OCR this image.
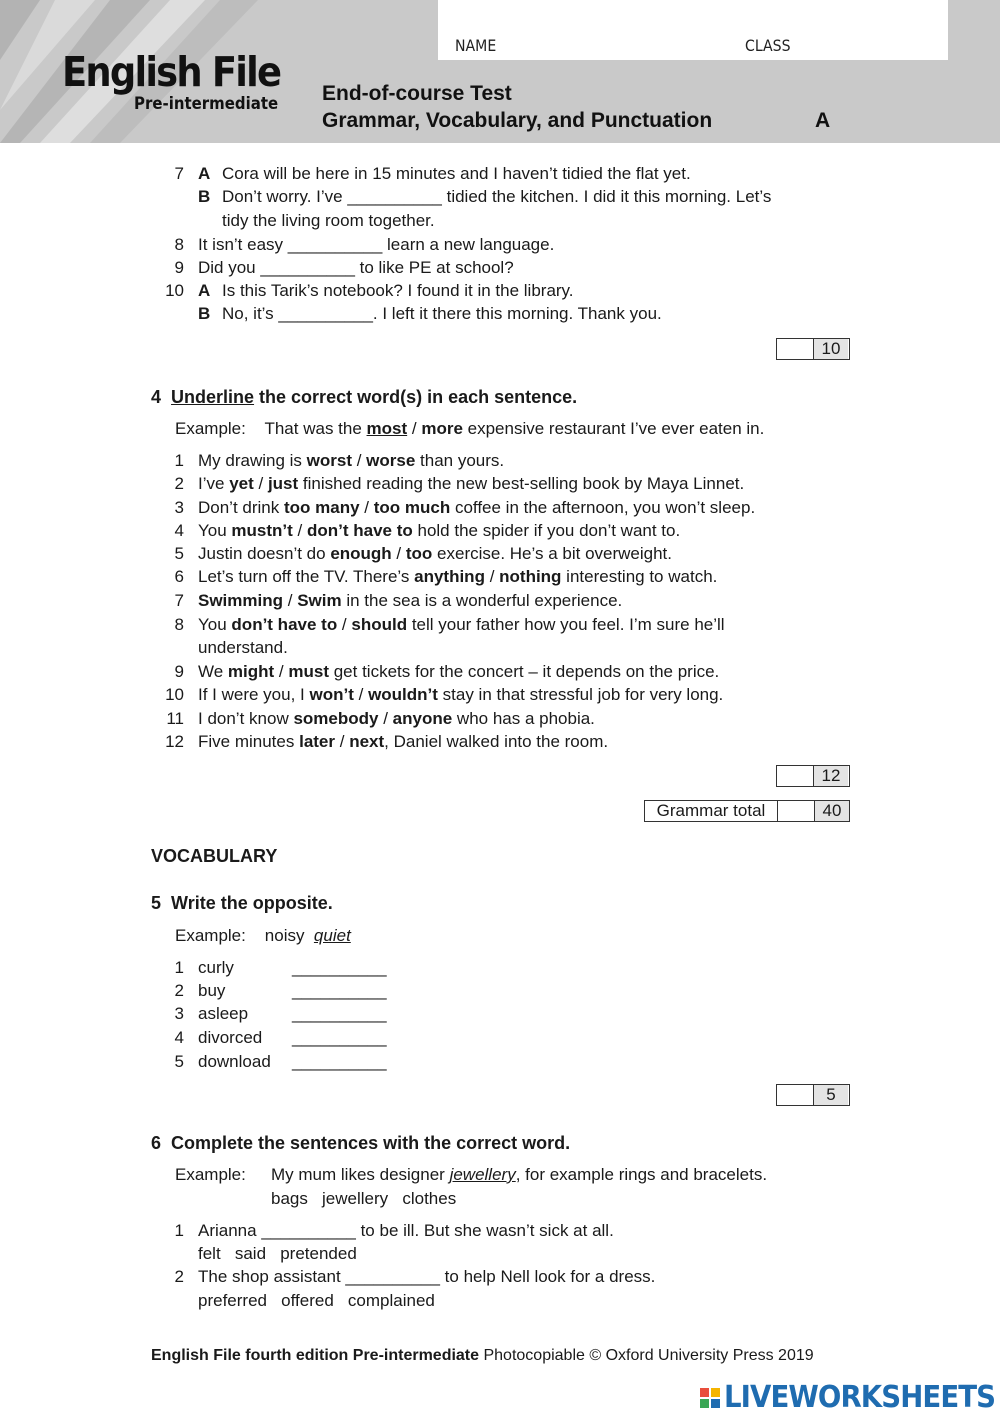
NAME	CLASS
English File
Pre-intermediate End-of-course Test
Grammar, Vocabulary, and Punctuation	A
7 A Cora will be here in 15 minutes and I haven’t tidied the flat yet.
B Don’t worry. I’ve __________ tidied the kitchen. I did it this morning. Let’s
tidy the living room together.
8 It isn’t easy __________ learn a new language.
9 Did you __________ to like PE at school?
10 A Is this Tarik’s notebook? I found it in the library.
B No, it’s __________. I left it there this morning. Thank you.
10
4 Underline the correct word(s) in each sentence.
Example: That was the most / more expensive restaurant I’ve ever eaten in.
1 My drawing is worst / worse than yours.
2 I’ve yet / just finished reading the new best-selling book by Maya Linnet.
3 Don’t drink too many / too much coffee in the afternoon, you won’t sleep.
4 You mustn’t / don’t have to hold the spider if you don’t want to.
5 Justin doesn’t do enough / too exercise. He’s a bit overweight.
6 Let’s turn off the TV. There’s anything / nothing interesting to watch.
7 Swimming / Swim in the sea is a wonderful experience.
8 You don’t have to / should tell your father how you feel. I’m sure he’ll
9 We might / must get tickets for the concert – it depends on the price.
10 If I were you, I won’t / wouldn’t stay in that stressful job for very long.
11 I don’t know somebody / anyone who has a phobia.
12 Five minutes later / next, Daniel walked into the room.
understand.
12
Grammar total	40
VOCABULARY
5 Write the opposite.
Example: noisy quiet
1 curly	__________
2 buy	__________
3 asleep	__________
4 divorced __________
5 download __________
5
6 Complete the sentences with the correct word.
Example: My mum likes designer jewellery, for example rings and bracelets.
bags   jewellery   clothes
1 Arianna __________ to be ill. But she wasn’t sick at all.
felt   said   pretended
2 The shop assistant __________ to help Nell look for a dress.
preferred   offered   complained
English File fourth edition Pre-intermediate Photocopiable © Oxford University Press 2019
LIVEWORKSHEETS
